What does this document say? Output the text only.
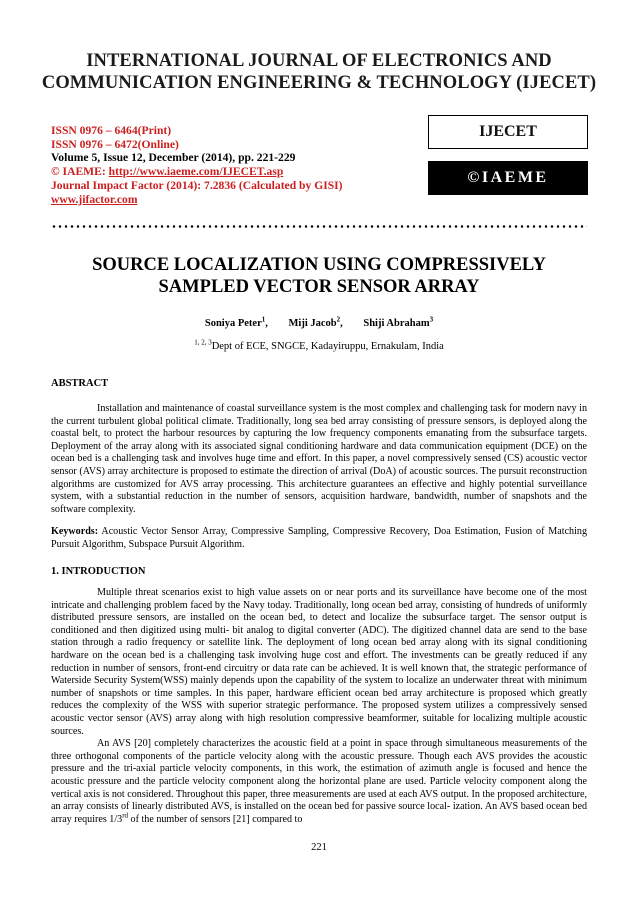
INTERNATIONAL JOURNAL OF ELECTRONICS AND
COMMUNICATION ENGINEERING & TECHNOLOGY (IJECET)
ISSN 0976 – 6464(Print)
ISSN 0976 – 6472(Online)
Volume 5, Issue 12, December (2014), pp. 221-229
© IAEME: http://www.iaeme.com/IJECET.asp
Journal Impact Factor (2014): 7.2836 (Calculated by GISI)
www.jifactor.com
IJECET
©IAEME
SOURCE LOCALIZATION USING COMPRESSIVELY
SAMPLED VECTOR SENSOR ARRAY
Soniya Peter$^1$, Miji Jacob$^2$, Shiji Abraham$^3$
$^{1, 2, 3}$Dept of ECE, SNGCE, Kadayiruppu, Ernakulam, India
ABSTRACT

Installation and maintenance of coastal surveillance system is the most complex and challenging task for modern navy in the current turbulent global political climate. Traditionally, long sea bed array consisting of pressure sensors, is deployed along the coastal belt, to protect the harbour resources by capturing the low frequency components emanating from the subsurface targets. Deployment of the array along with its associated signal conditioning hardware and data communication equipment (DCE) on the ocean bed is a challenging task and involves huge time and effort. In this paper, a novel compressively sensed (CS) acoustic vector sensor (AVS) array architecture is proposed to estimate the direction of arrival (DoA) of acoustic sources. The pursuit reconstruction algorithms are customized for AVS array processing. This architecture guarantees an effective and highly potential surveillance system, with a substantial reduction in the number of sensors, acquisition hardware, bandwidth, number of snapshots and the software complexity.

Keywords: Acoustic Vector Sensor Array, Compressive Sampling, Compressive Recovery, Doa Estimation, Fusion of Matching Pursuit Algorithm, Subspace Pursuit Algorithm.
1. INTRODUCTION

Multiple threat scenarios exist to high value assets on or near ports and its surveillance have become one of the most intricate and challenging problem faced by the Navy today. Traditionally, long ocean bed array, consisting of hundreds of uniformly distributed pressure sensors, are installed on the ocean bed, to detect and localize the subsurface target. The sensor output is conditioned and then digitized using multi- bit analog to digital converter (ADC). The digitized channel data are send to the base station through a radio frequency or satellite link. The deployment of long ocean bed array along with its signal conditioning hardware on the ocean bed is a challenging task involving huge cost and effort. The investments can be greatly reduced if any reduction in number of sensors, front-end circuitry or data rate can be achieved. It is well known that, the strategic performance of Waterside Security System(WSS) mainly depends upon the capability of the system to localize an underwater threat with minimum number of snapshots or time samples. In this paper, hardware efficient ocean bed array architecture is proposed which greatly reduces the complexity of the WSS with superior strategic performance. The proposed system utilizes a compressively sensed acoustic vector sensor (AVS) array along with high resolution compressive beamformer, suitable for localizing multiple acoustic sources.

An AVS [20] completely characterizes the acoustic field at a point in space through simultaneous measurements of the three orthogonal components of the particle velocity along with the acoustic pressure. Though each AVS provides the acoustic pressure and the tri-axial particle velocity components, in this work, the estimation of azimuth angle is focused and hence the acoustic pressure and the particle velocity component along the horizontal plane are used. Particle velocity component along the vertical axis is not considered. Throughout this paper, three measurements are used at each AVS output. In the proposed architecture, an array consists of linearly distributed AVS, is installed on the ocean bed for passive source local- ization. An AVS based ocean bed array requires 1/3rd of the number of sensors [21] compared to

221
